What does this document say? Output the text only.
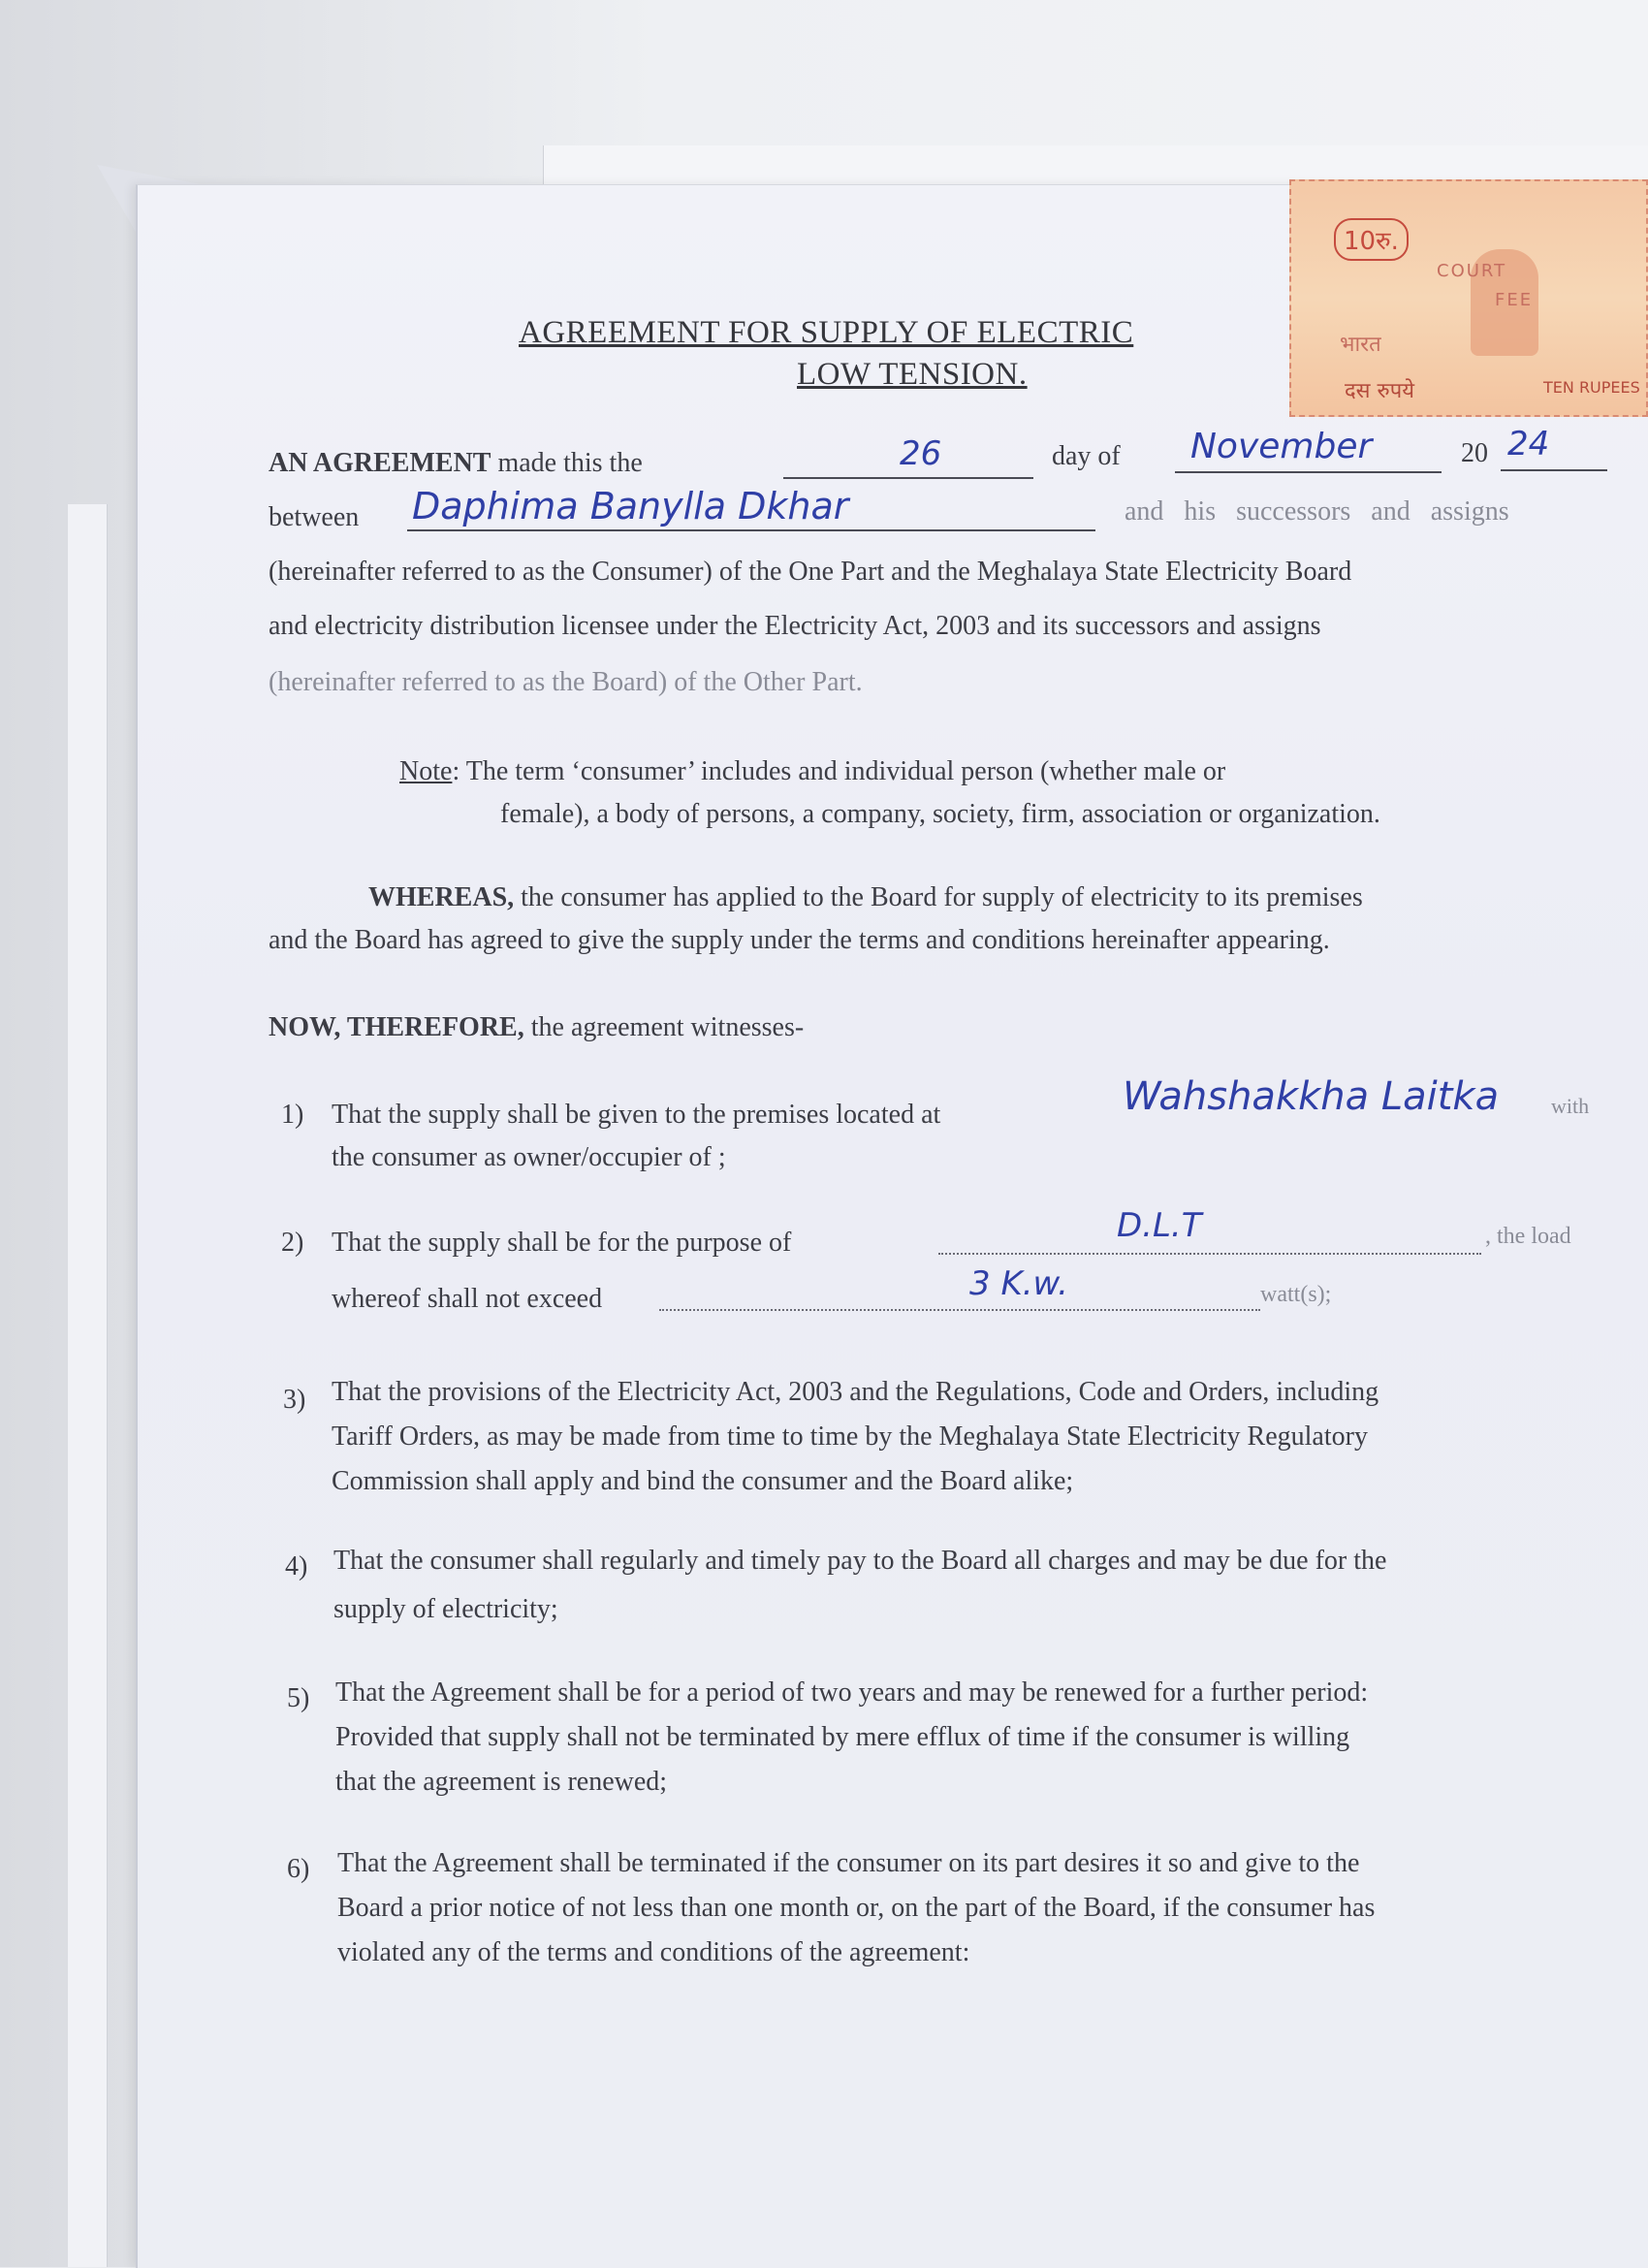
10रु.
COURT
FEE
भारत
दस रुपये	TEN RUPEES
AGREEMENT FOR SUPPLY OF ELECTRIC
LOW TENSION.
AN AGREEMENT made this the	26	day of November	20 24
between Daphima Banylla Dkhar	and his successors and assigns
(hereinafter referred to as the Consumer) of the One Part and the Meghalaya State Electricity Board
and electricity distribution licensee under the Electricity Act, 2003 and its successors and assigns
(hereinafter referred to as the Board) of the Other Part.
Note: The term ‘consumer’ includes and individual person (whether male or
female), a body of persons, a company, society, firm, association or organization.
WHEREAS, the consumer has applied to the Board for supply of electricity to its premises
and the Board has agreed to give the supply under the terms and conditions hereinafter appearing.
NOW, THEREFORE, the agreement witnesses-
1) That the supply shall be given to the premises located at	Wahshakkha Laitka with
the consumer as owner/occupier of ;
2) That the supply shall be for the purpose of	D.L.T	, the load
whereof shall not exceed	3 K.w.	watt(s);
3) That the provisions of the Electricity Act, 2003 and the Regulations, Code and Orders, including
Tariff Orders, as may be made from time to time by the Meghalaya State Electricity Regulatory
Commission shall apply and bind the consumer and the Board alike;
4) That the consumer shall regularly and timely pay to the Board all charges and may be due for the
supply of electricity;
5) That the Agreement shall be for a period of two years and may be renewed for a further period:
Provided that supply shall not be terminated by mere efflux of time if the consumer is willing
that the agreement is renewed;
6) That the Agreement shall be terminated if the consumer on its part desires it so and give to the
Board a prior notice of not less than one month or, on the part of the Board, if the consumer has
violated any of the terms and conditions of the agreement:
